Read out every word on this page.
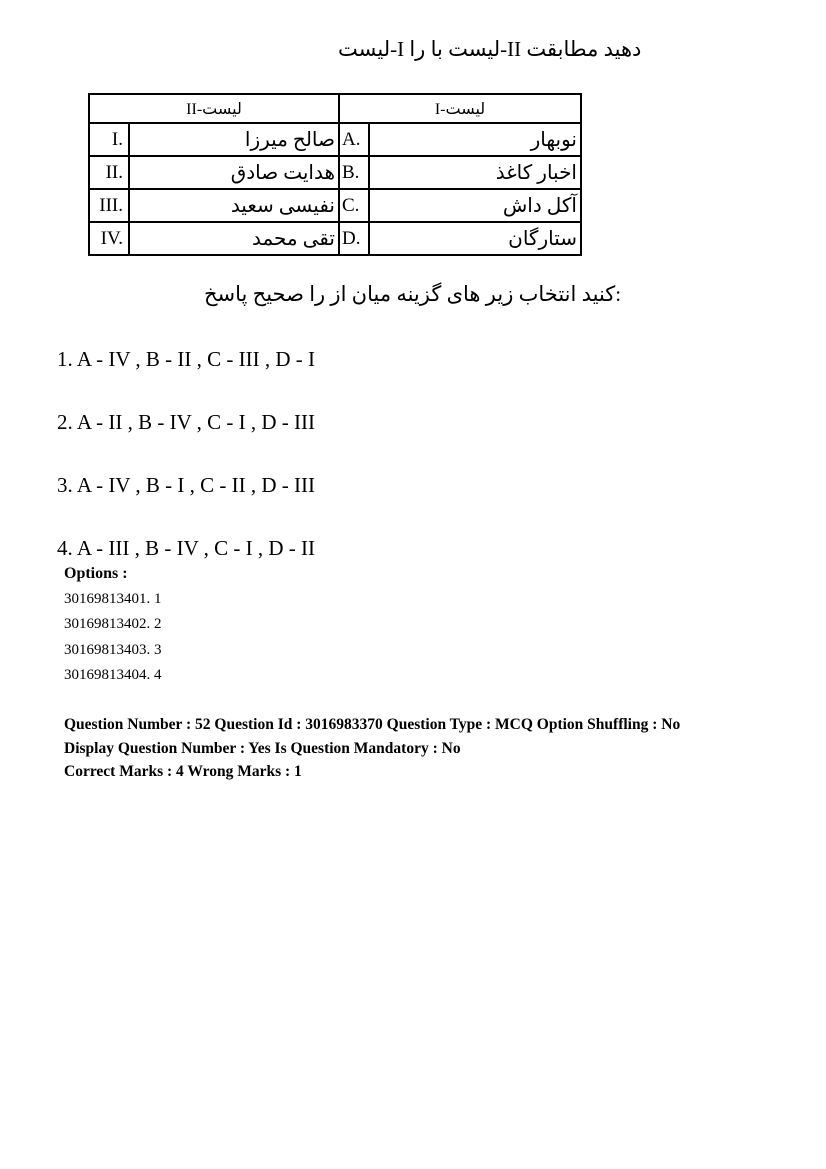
لیست-I را با لیست-II مطابقت دهید
لیست-II		لیست-I	
I.	میرزا صالح	A.	نوبهار
II.	صادق هدایت	B.	کاغذ اخبار
III.	سعید نفیسی	C.	داش آکل
IV.	محمد تقی	D.	ستارگان
پاسخ صحیح را از میان گزینه های زیر انتخاب کنید:
1. A - IV , B - II , C - III , D - I
2. A - II , B - IV , C - I , D - III
3. A - IV , B - I , C - II , D - III
4. A - III , B - IV , C - I , D - II
Options :
30169813401. 1
30169813402. 2
30169813403. 3
30169813404. 4
Question Number : 52 Question Id : 3016983370 Question Type : MCQ Option Shuffling : No
Display Question Number : Yes Is Question Mandatory : No
Correct Marks : 4 Wrong Marks : 1
